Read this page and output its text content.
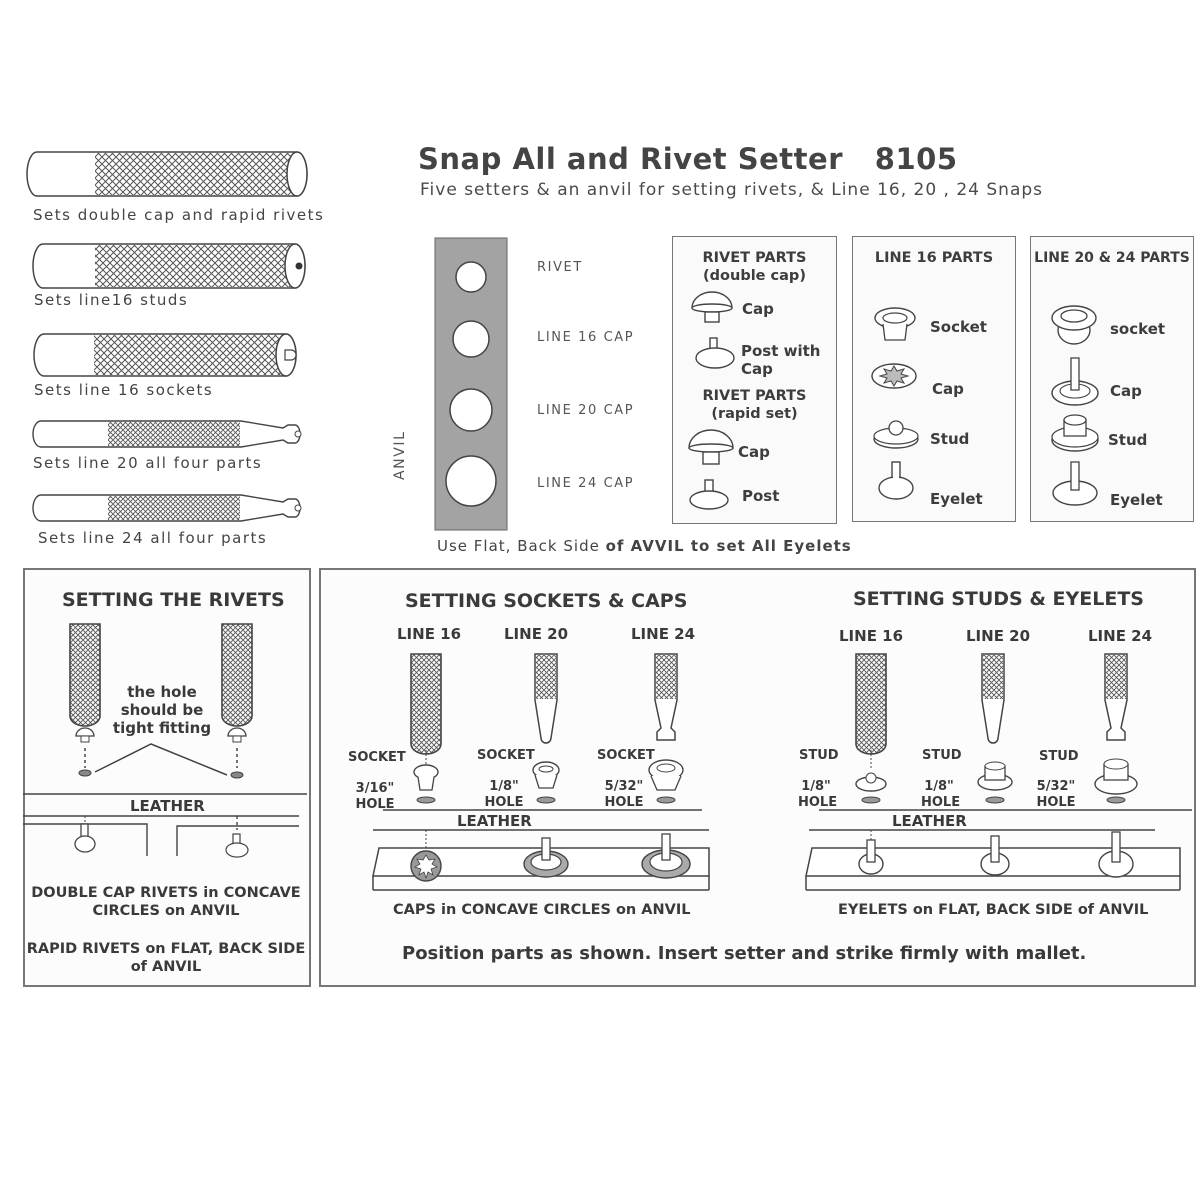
Snap All and Rivet Setter   8105
Five setters & an anvil for setting rivets, & Line 16, 20 , 24 Snaps
Sets double cap and rapid rivets
Sets line16 studs
Sets line 16 sockets
Sets line 20 all four parts
Sets line 24 all four parts
ANVIL
RIVET
LINE 16 CAP
LINE 20 CAP
LINE 24 CAP
Use Flat, Back Side of AVVIL to set All Eyelets
RIVET PARTS
(double cap)
RIVET PARTS
(rapid set)
Cap
Post with
Cap
Cap
Post
LINE 16 PARTS
Socket
Cap
Stud
Eyelet
LINE 20 & 24 PARTS
socket
Cap
Stud
Eyelet
SETTING THE RIVETS
the hole
should be
tight fitting
LEATHER
DOUBLE CAP RIVETS in CONCAVE
CIRCLES on ANVIL
RAPID RIVETS on FLAT, BACK SIDE
of ANVIL
SETTING SOCKETS & CAPS	SETTING STUDS & EYELETS
LINE 16	LINE 20	LINE 24	LINE 16	LINE 20	LINE 24
SOCKET	SOCKET	SOCKET
3/16"
HOLE
1/8"
HOLE
5/32"
HOLE
LEATHER
STUD	STUD	STUD
1/8"
HOLE
1/8"
HOLE
5/32"
HOLE
LEATHER
CAPS in CONCAVE CIRCLES on ANVIL	EYELETS on FLAT, BACK SIDE of ANVIL
Position parts as shown. Insert setter and strike firmly with mallet.
